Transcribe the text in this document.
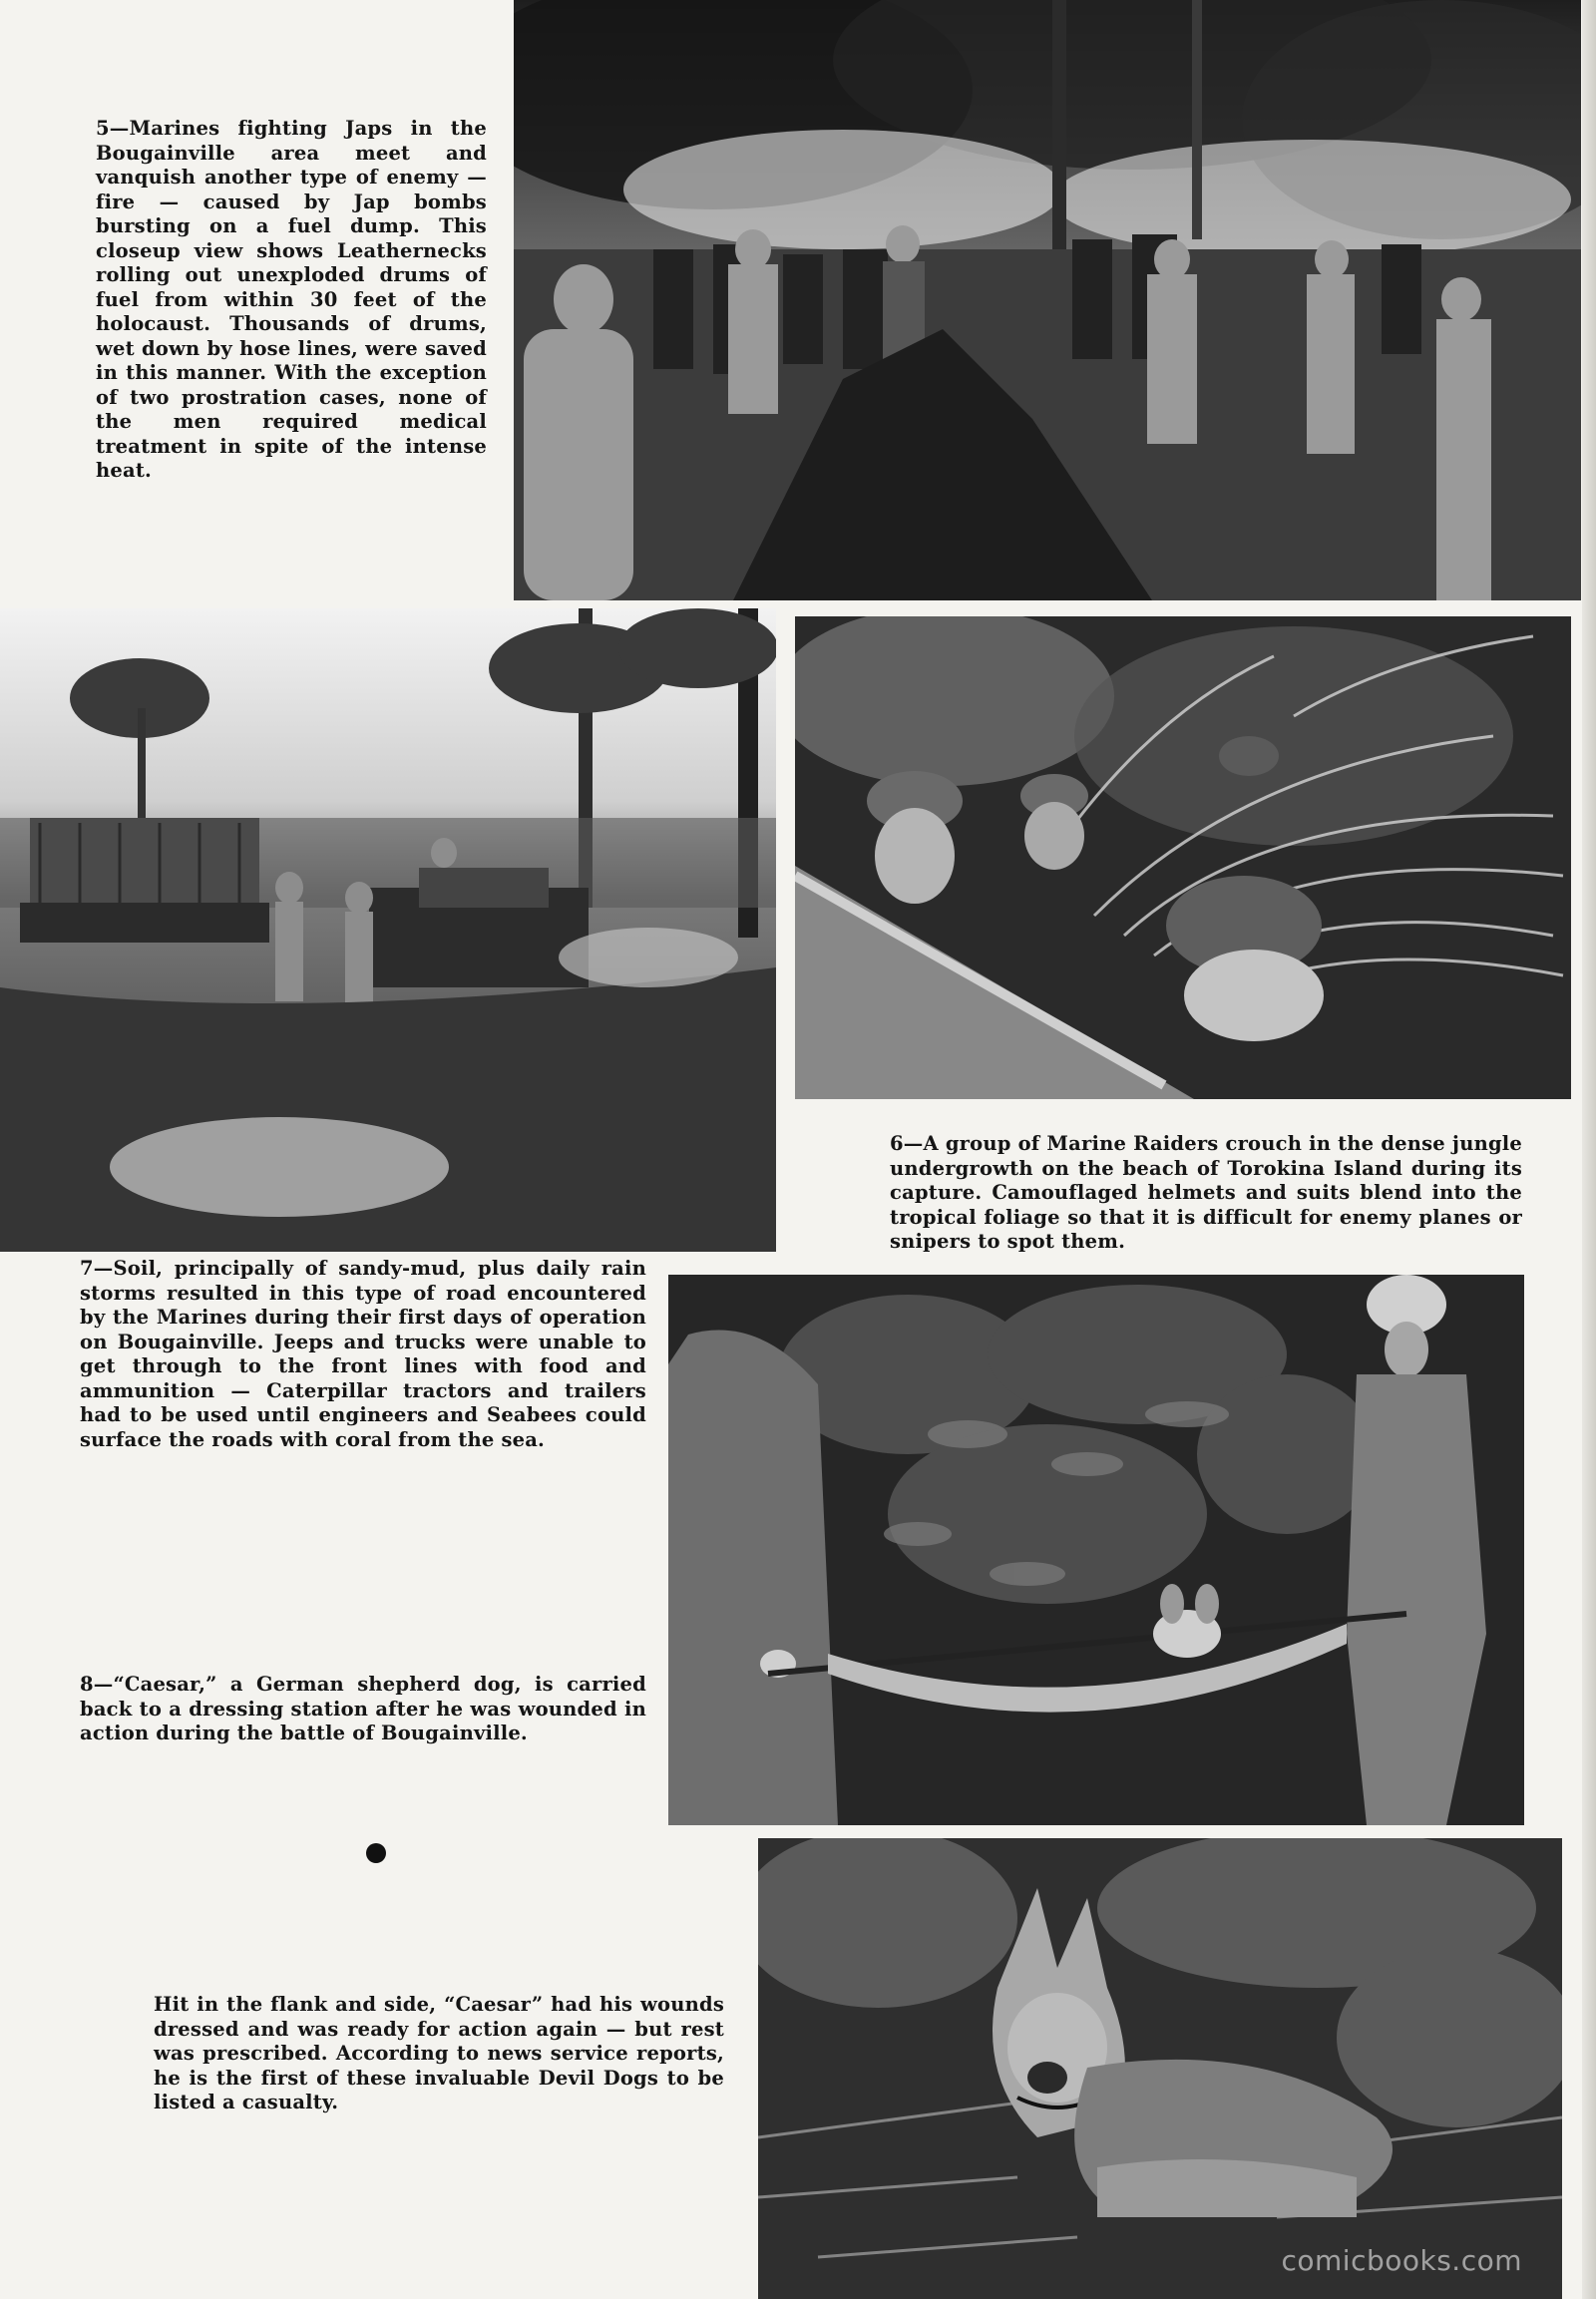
5—Marines fighting Japs in the Bougainville area meet and vanquish another type of enemy — fire — caused by Jap bombs bursting on a fuel dump. This closeup view shows Leathernecks rolling out unexploded drums of fuel from within 30 feet of the holocaust. Thousands of drums, wet down by hose lines, were saved in this manner. With the exception of two prostration cases, none of the men required medical treatment in spite of the intense heat.

6—A group of Marine Raiders crouch in the dense jungle undergrowth on the beach of Torokina Island during its capture. Camouflaged helmets and suits blend into the tropical foliage so that it is difficult for enemy planes or snipers to spot them.

7—Soil, principally of sandy-mud, plus daily rain storms resulted in this type of road encountered by the Marines during their first days of operation on Bougainville. Jeeps and trucks were unable to get through to the front lines with food and ammunition — Caterpillar tractors and trailers had to be used until engineers and Seabees could surface the roads with coral from the sea.

8—“Caesar,” a German shepherd dog, is carried back to a dressing station after he was wounded in action during the battle of Bougainville.

comicbooks.com

Hit in the flank and side, “Caesar” had his wounds dressed and was ready for action again — but rest was prescribed. According to news service reports, he is the first of these invaluable Devil Dogs to be listed a casualty.
